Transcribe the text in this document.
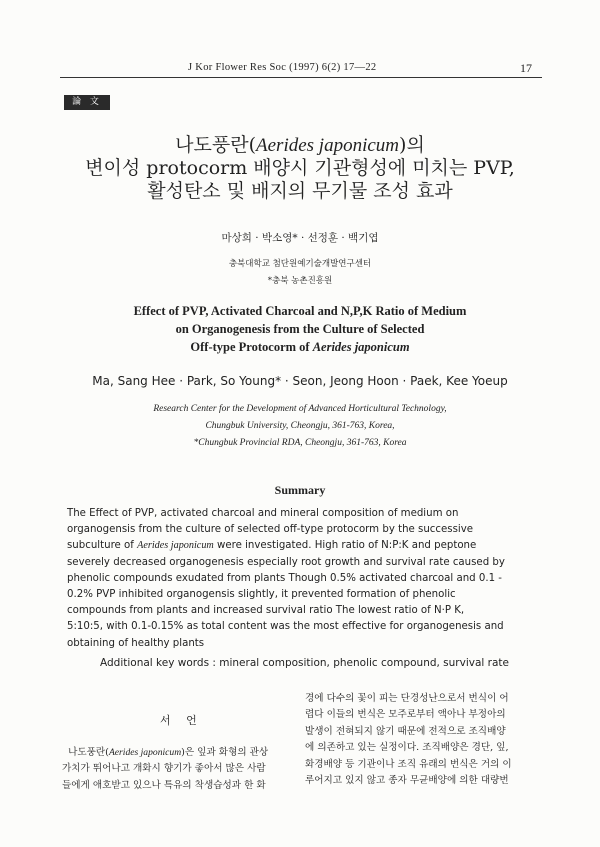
J Kor Flower Res Soc (1997) 6(2) 17—22	17
論 文
나도풍란(Aerides japonicum)의
변이성 protocorm 배양시 기관형성에 미치는 PVP,
활성탄소 및 배지의 무기물 조성 효과
마상희 · 박소영* · 선정훈 · 백기엽
충북대학교 첨단원예기술개발연구센터
*충북 농촌진흥원
Effect of PVP, Activated Charcoal and N,P,K Ratio of Medium
on Organogenesis from the Culture of Selected
Off-type Protocorm of Aerides japonicum
Ma, Sang Hee · Park, So Young* · Seon, Jeong Hoon · Paek, Kee Yoeup
Research Center for the Development of Advanced Horticultural Technology,
Chungbuk University, Cheongju, 361-763, Korea,
*Chungbuk Provincial RDA, Cheongju, 361-763, Korea
Summary
The Effect of PVP, activated charcoal and mineral composition of medium on
organogensis from the culture of selected off-type protocorm by the successive
subculture of Aerides japonicum were investigated. High ratio of N:P:K and peptone
severely decreased organogenesis especially root growth and survival rate caused by
phenolic compounds exudated from plants Though 0.5% activated charcoal and 0.1 -
0.2% PVP inhibited organogensis slightly, it prevented formation of phenolic
compounds from plants and increased survival ratio The lowest ratio of N·P K,
5:10:5, with 0.1-0.15% as total content was the most effective for organogenesis and
obtaining of healthy plants
Additional key words : mineral composition, phenolic compound, survival rate
서 언
나도풍란(Aerides japonicum)은 잎과 화형의 관상
가치가 뛰어나고 개화시 향기가 좋아서 많은 사람
들에게 애호받고 있으나 특유의 착생습성과 한 화
경에 다수의 꽃이 피는 단경성난으로서 번식이 어
렵다 이들의 번식은 모주로부터 액아나 부정아의
발생이 전혀되지 않기 때문에 전적으로 조직배양
에 의존하고 있는 실정이다. 조직배양은 경단, 잎,
화경배양 등 기관이나 조직 유래의 번식은 거의 이
루어지고 있지 않고 종자 무균배양에 의한 대량번
